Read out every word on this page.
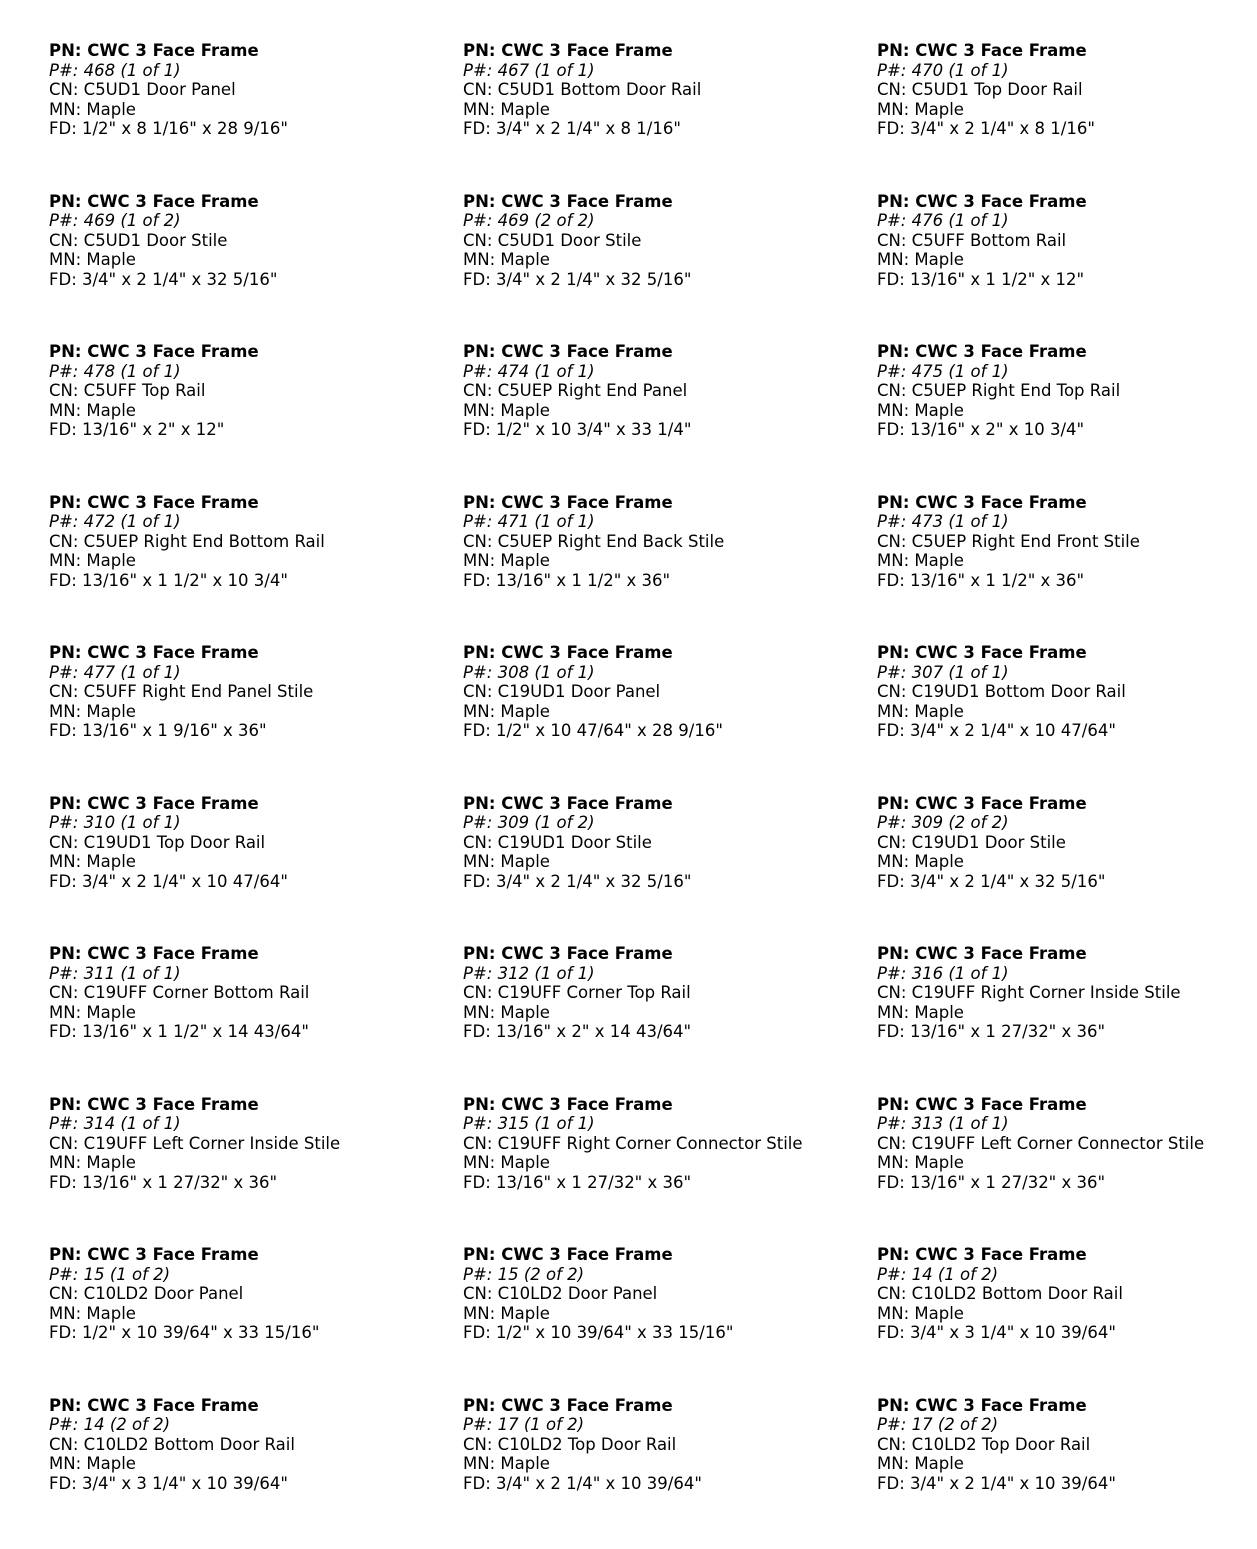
PN: CWC 3 Face Frame
P#: 468 (1 of 1)
CN: C5UD1 Door Panel
MN: Maple
FD: 1/2" x 8 1/16" x 28 9/16"
PN: CWC 3 Face Frame
P#: 467 (1 of 1)
CN: C5UD1 Bottom Door Rail
MN: Maple
FD: 3/4" x 2 1/4" x 8 1/16"
PN: CWC 3 Face Frame
P#: 470 (1 of 1)
CN: C5UD1 Top Door Rail
MN: Maple
FD: 3/4" x 2 1/4" x 8 1/16"
PN: CWC 3 Face Frame
P#: 469 (1 of 2)
CN: C5UD1 Door Stile
MN: Maple
FD: 3/4" x 2 1/4" x 32 5/16"
PN: CWC 3 Face Frame
P#: 469 (2 of 2)
CN: C5UD1 Door Stile
MN: Maple
FD: 3/4" x 2 1/4" x 32 5/16"
PN: CWC 3 Face Frame
P#: 476 (1 of 1)
CN: C5UFF Bottom Rail
MN: Maple
FD: 13/16" x 1 1/2" x 12"
PN: CWC 3 Face Frame
P#: 478 (1 of 1)
CN: C5UFF Top Rail
MN: Maple
FD: 13/16" x 2" x 12"
PN: CWC 3 Face Frame
P#: 474 (1 of 1)
CN: C5UEP Right End Panel
MN: Maple
FD: 1/2" x 10 3/4" x 33 1/4"
PN: CWC 3 Face Frame
P#: 475 (1 of 1)
CN: C5UEP Right End Top Rail
MN: Maple
FD: 13/16" x 2" x 10 3/4"
PN: CWC 3 Face Frame
P#: 472 (1 of 1)
CN: C5UEP Right End Bottom Rail
MN: Maple
FD: 13/16" x 1 1/2" x 10 3/4"
PN: CWC 3 Face Frame
P#: 471 (1 of 1)
CN: C5UEP Right End Back Stile
MN: Maple
FD: 13/16" x 1 1/2" x 36"
PN: CWC 3 Face Frame
P#: 473 (1 of 1)
CN: C5UEP Right End Front Stile
MN: Maple
FD: 13/16" x 1 1/2" x 36"
PN: CWC 3 Face Frame
P#: 477 (1 of 1)
CN: C5UFF Right End Panel Stile
MN: Maple
FD: 13/16" x 1 9/16" x 36"
PN: CWC 3 Face Frame
P#: 308 (1 of 1)
CN: C19UD1 Door Panel
MN: Maple
FD: 1/2" x 10 47/64" x 28 9/16"
PN: CWC 3 Face Frame
P#: 307 (1 of 1)
CN: C19UD1 Bottom Door Rail
MN: Maple
FD: 3/4" x 2 1/4" x 10 47/64"
PN: CWC 3 Face Frame
P#: 310 (1 of 1)
CN: C19UD1 Top Door Rail
MN: Maple
FD: 3/4" x 2 1/4" x 10 47/64"
PN: CWC 3 Face Frame
P#: 309 (1 of 2)
CN: C19UD1 Door Stile
MN: Maple
FD: 3/4" x 2 1/4" x 32 5/16"
PN: CWC 3 Face Frame
P#: 309 (2 of 2)
CN: C19UD1 Door Stile
MN: Maple
FD: 3/4" x 2 1/4" x 32 5/16"
PN: CWC 3 Face Frame
P#: 311 (1 of 1)
CN: C19UFF Corner Bottom Rail
MN: Maple
FD: 13/16" x 1 1/2" x 14 43/64"
PN: CWC 3 Face Frame
P#: 312 (1 of 1)
CN: C19UFF Corner Top Rail
MN: Maple
FD: 13/16" x 2" x 14 43/64"
PN: CWC 3 Face Frame
P#: 316 (1 of 1)
CN: C19UFF Right Corner Inside Stile
MN: Maple
FD: 13/16" x 1 27/32" x 36"
PN: CWC 3 Face Frame
P#: 314 (1 of 1)
CN: C19UFF Left Corner Inside Stile
MN: Maple
FD: 13/16" x 1 27/32" x 36"
PN: CWC 3 Face Frame
P#: 315 (1 of 1)
CN: C19UFF Right Corner Connector Stile
MN: Maple
FD: 13/16" x 1 27/32" x 36"
PN: CWC 3 Face Frame
P#: 313 (1 of 1)
CN: C19UFF Left Corner Connector Stile
MN: Maple
FD: 13/16" x 1 27/32" x 36"
PN: CWC 3 Face Frame
P#: 15 (1 of 2)
CN: C10LD2 Door Panel
MN: Maple
FD: 1/2" x 10 39/64" x 33 15/16"
PN: CWC 3 Face Frame
P#: 15 (2 of 2)
CN: C10LD2 Door Panel
MN: Maple
FD: 1/2" x 10 39/64" x 33 15/16"
PN: CWC 3 Face Frame
P#: 14 (1 of 2)
CN: C10LD2 Bottom Door Rail
MN: Maple
FD: 3/4" x 3 1/4" x 10 39/64"
PN: CWC 3 Face Frame
P#: 14 (2 of 2)
CN: C10LD2 Bottom Door Rail
MN: Maple
FD: 3/4" x 3 1/4" x 10 39/64"
PN: CWC 3 Face Frame
P#: 17 (1 of 2)
CN: C10LD2 Top Door Rail
MN: Maple
FD: 3/4" x 2 1/4" x 10 39/64"
PN: CWC 3 Face Frame
P#: 17 (2 of 2)
CN: C10LD2 Top Door Rail
MN: Maple
FD: 3/4" x 2 1/4" x 10 39/64"
